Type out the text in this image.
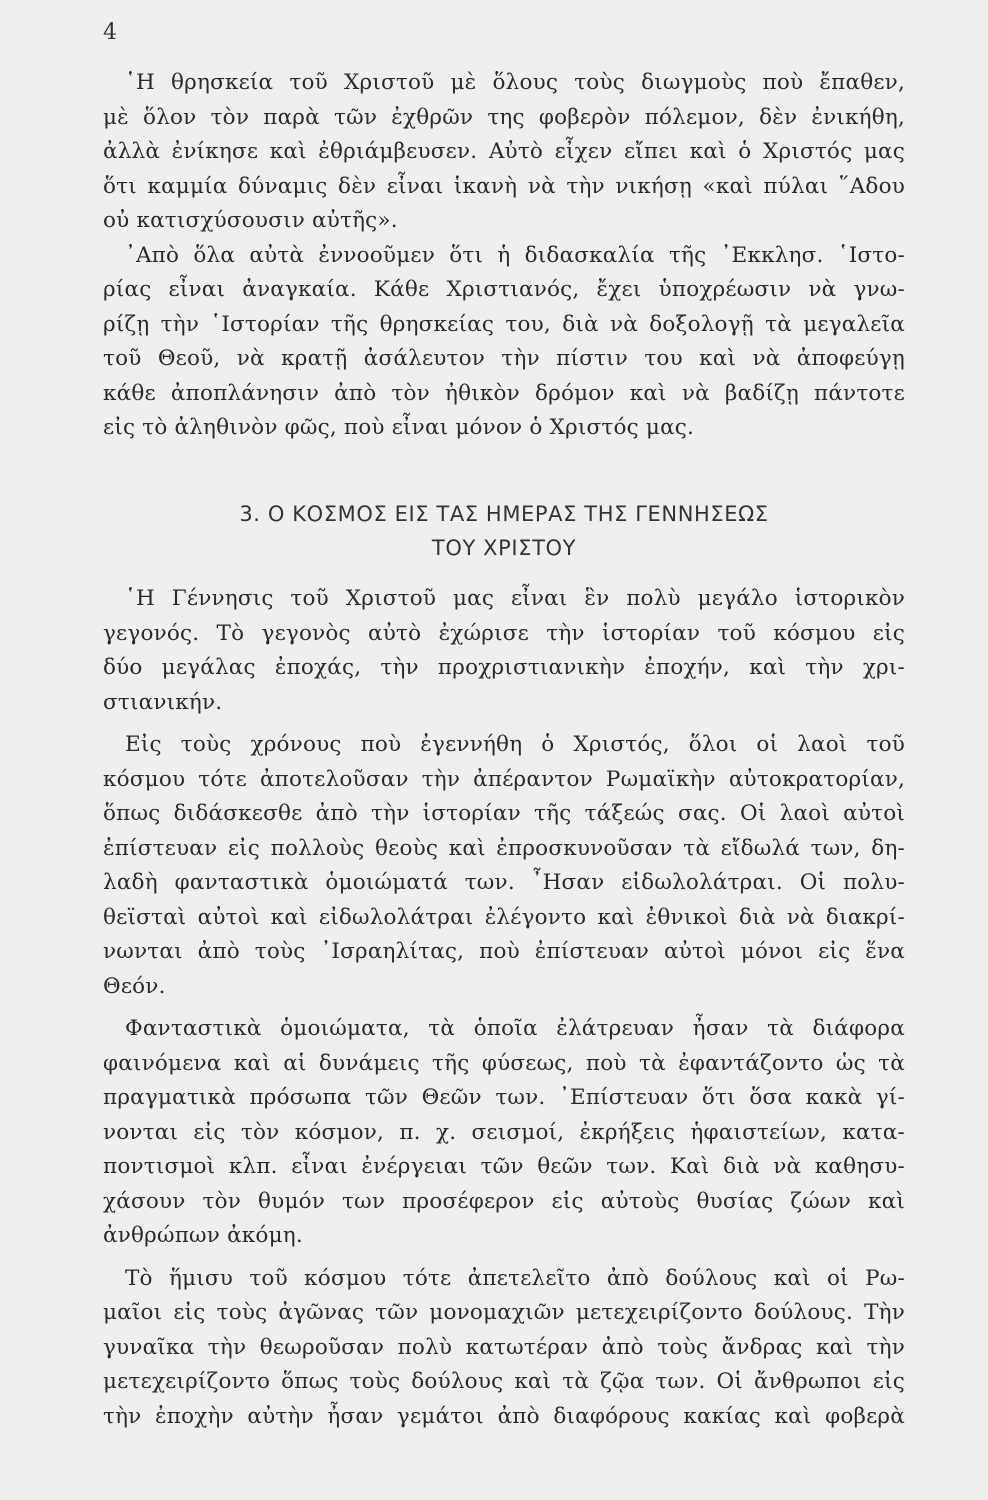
4
῾Η θρησκεία τοῦ Χριστοῦ μὲ ὅλους τοὺς διωγμοὺς ποὺ ἔπαθεν,
μὲ ὅλον τὸν παρὰ τῶν ἐχθρῶν της φοβερὸν πόλεμον, δὲν ἐνικήθη,
ἀλλὰ ἐνίκησε καὶ ἐθριάμβευσεν. Αὐτὸ εἶχεν εἴπει καὶ ὁ Χριστός μας
ὅτι καμμία δύναμις δὲν εἶναι ἱκανὴ νὰ τὴν νικήσῃ «καὶ πύλαι ῞Αδου
οὐ κατισχύσουσιν αὐτῆς».
᾿Απὸ ὅλα αὐτὰ ἐννοοῦμεν ὅτι ἡ διδασκαλία τῆς ᾿Εκκλησ. ῾Ιστο-
ρίας εἶναι ἀναγκαία. Κάθε Χριστιανός, ἔχει ὑποχρέωσιν νὰ γνω-
ρίζῃ τὴν ῾Ιστορίαν τῆς θρησκείας του, διὰ νὰ δοξολογῇ τὰ μεγαλεῖα
τοῦ Θεοῦ, νὰ κρατῇ ἀσάλευτον τὴν πίστιν του καὶ νὰ ἀποφεύγῃ
κάθε ἀποπλάνησιν ἀπὸ τὸν ἠθικὸν δρόμον καὶ νὰ βαδίζῃ πάντοτε
εἰς τὸ ἀληθινὸν φῶς, ποὺ εἶναι μόνον ὁ Χριστός μας.
3. Ο ΚΟΣΜΟΣ ΕΙΣ ΤΑΣ ΗΜΕΡΑΣ ΤΗΣ ΓΕΝΝΗΣΕΩΣ
ΤΟΥ ΧΡΙΣΤΟΥ
῾Η Γέννησις τοῦ Χριστοῦ μας εἶναι ἓν πολὺ μεγάλο ἱστορικὸν
γεγονός. Τὸ γεγονὸς αὐτὸ ἐχώρισε τὴν ἱστορίαν τοῦ κόσμου εἰς
δύο μεγάλας ἐποχάς, τὴν προχριστιανικὴν ἐποχήν, καὶ τὴν χρι-
στιανικήν.
Εἰς τοὺς χρόνους ποὺ ἐγεννήθη ὁ Χριστός, ὅλοι οἱ λαοὶ τοῦ
κόσμου τότε ἀποτελοῦσαν τὴν ἀπέραντον Ρωμαϊκὴν αὐτοκρατορίαν,
ὅπως διδάσκεσθε ἀπὸ τὴν ἱστορίαν τῆς τάξεώς σας. Οἱ λαοὶ αὐτοὶ
ἐπίστευαν εἰς πολλοὺς θεοὺς καὶ ἐπροσκυνοῦσαν τὰ εἴδωλά των, δη-
λαδὴ φανταστικὰ ὁμοιώματά των. ῏Ησαν εἰδωλολάτραι. Οἱ πολυ-
θεϊσταὶ αὐτοὶ καὶ εἰδωλολάτραι ἐλέγοντο καὶ ἐθνικοὶ διὰ νὰ διακρί-
νωνται ἀπὸ τοὺς ᾿Ισραηλίτας, ποὺ ἐπίστευαν αὐτοὶ μόνοι εἰς ἕνα
Θεόν.
Φανταστικὰ ὁμοιώματα, τὰ ὁποῖα ἐλάτρευαν ἦσαν τὰ διάφορα
φαινόμενα καὶ αἱ δυνάμεις τῆς φύσεως, ποὺ τὰ ἐφαντάζοντο ὡς τὰ
πραγματικὰ πρόσωπα τῶν Θεῶν των. ᾿Επίστευαν ὅτι ὅσα κακὰ γί-
νονται εἰς τὸν κόσμον, π. χ. σεισμοί, ἐκρήξεις ἡφαιστείων, κατα-
ποντισμοὶ κλπ. εἶναι ἐνέργειαι τῶν θεῶν των. Καὶ διὰ νὰ καθησυ-
χάσουν τὸν θυμόν των προσέφερον εἰς αὐτοὺς θυσίας ζώων καὶ
ἀνθρώπων ἀκόμη.
Τὸ ἥμισυ τοῦ κόσμου τότε ἀπετελεῖτο ἀπὸ δούλους καὶ οἱ Ρω-
μαῖοι εἰς τοὺς ἀγῶνας τῶν μονομαχιῶν μετεχειρίζοντο δούλους. Τὴν
γυναῖκα τὴν θεωροῦσαν πολὺ κατωτέραν ἀπὸ τοὺς ἄνδρας καὶ τὴν
μετεχειρίζοντο ὅπως τοὺς δούλους καὶ τὰ ζῷα των. Οἱ ἄνθρωποι εἰς
τὴν ἐποχὴν αὐτὴν ἦσαν γεμάτοι ἀπὸ διαφόρους κακίας καὶ φοβερὰ
